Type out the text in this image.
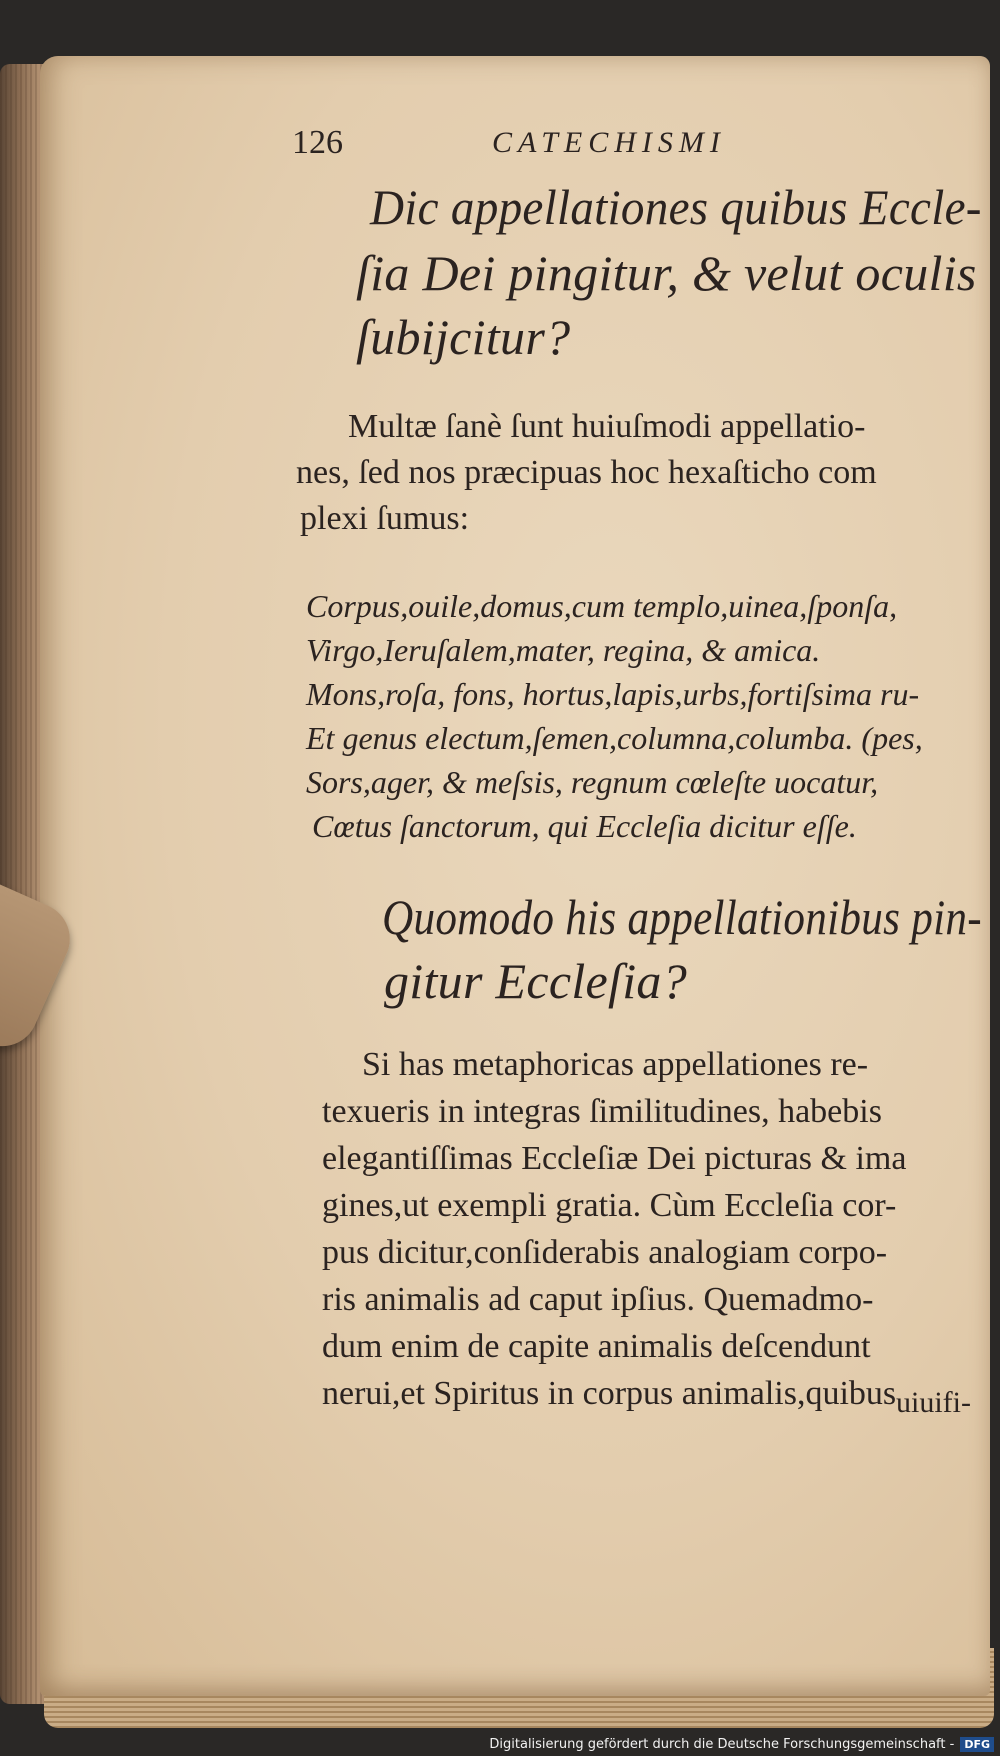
126	CATECHISMI
Dic appellationes quibus Eccle-
ſia Dei pingitur, & velut oculis
ſubijcitur?
Multæ ſanè ſunt huiuſmodi appellatio-
nes, ſed nos præcipuas hoc hexaſticho com
plexi ſumus:
Corpus,ouile,domus,cum templo,uinea,ſponſa,
Virgo,Ieruſalem,mater, regina, & amica.
Mons,roſa, fons, hortus,lapis,urbs,fortiſsima ru-
Et genus electum,ſemen,columna,columba. (pes,
Sors,ager, & meſsis, regnum cœleſte uocatur,
Cœtus ſanctorum, qui Eccleſia dicitur eſſe.
Quomodo his appellationibus pin-
gitur Eccleſia?
Si has metaphoricas appellationes re-
texueris in integras ſimilitudines, habebis
elegantiſſimas Eccleſiæ Dei picturas & ima
gines,ut exempli gratia. Cùm Eccleſia cor-
pus dicitur,conſiderabis analogiam corpo-
ris animalis ad caput ipſius. Quemadmo-
dum enim de capite animalis deſcendunt
nerui,et Spiritus in corpus animalis,quibus uiuifi-
Digitalisierung gefördert durch die Deutsche Forschungsgemeinschaft - DFG
